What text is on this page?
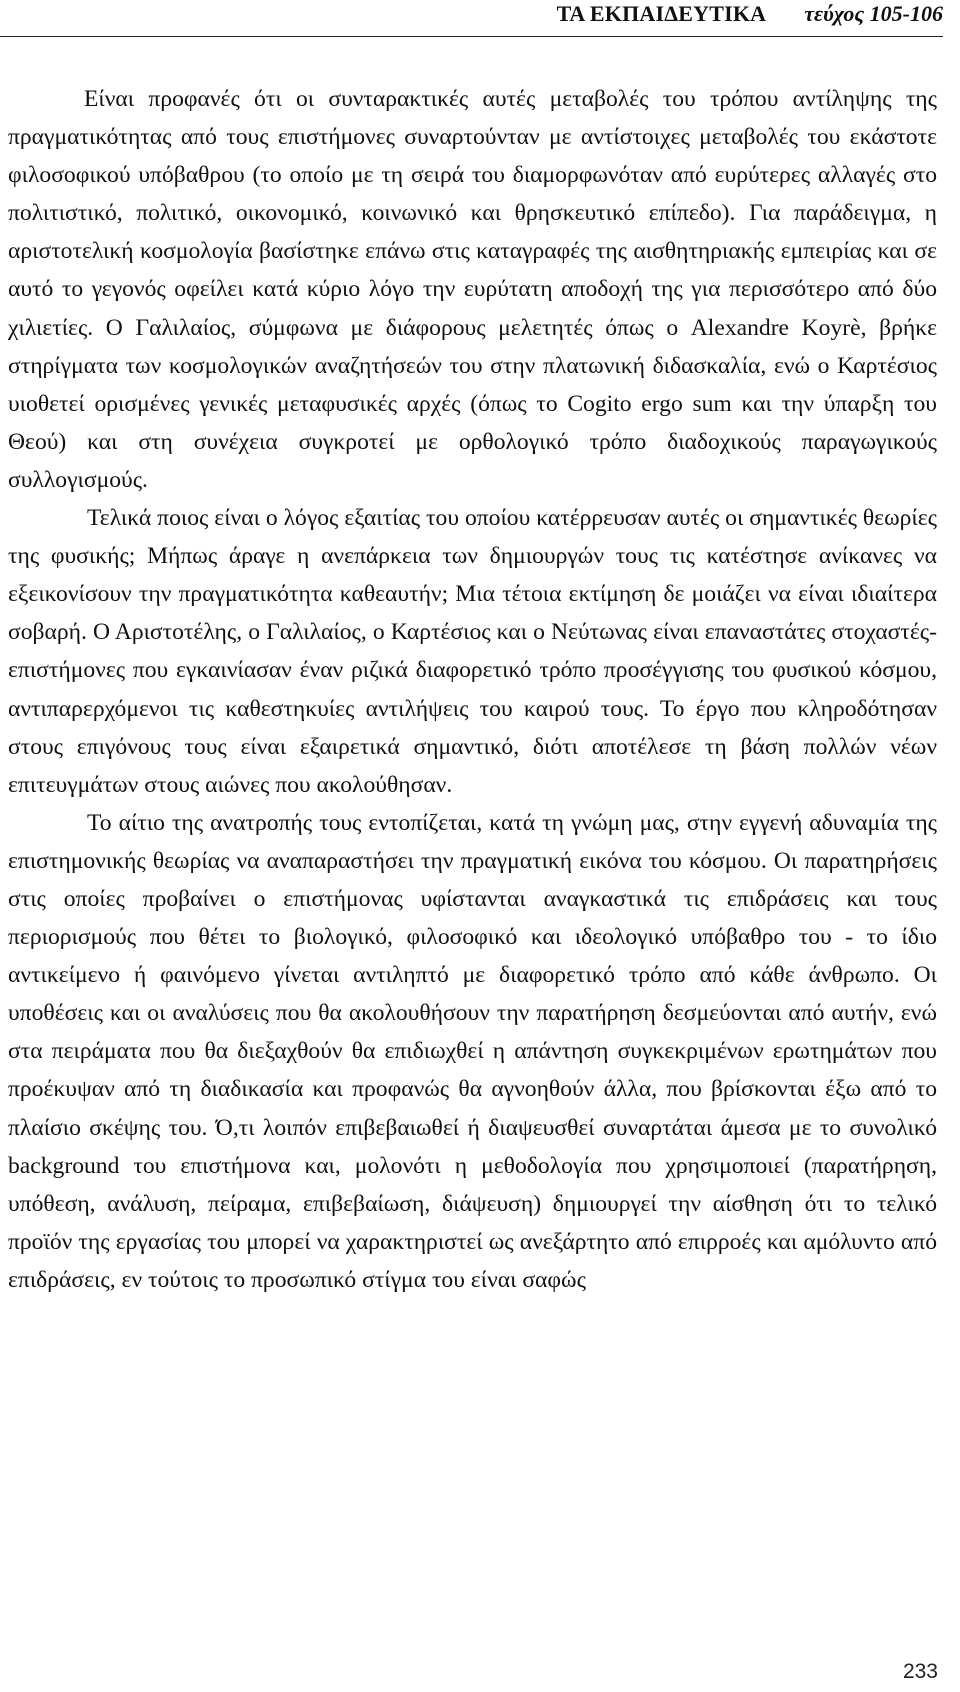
ΤΑ ΕΚΠΑΙΔΕΥΤΙΚΑ τεύχος 105-106

Είναι προφανές ότι οι συνταρακτικές αυτές μεταβολές του τρόπου αντίληψης της πραγματικότητας από τους επιστήμονες συναρτούνταν με αντίστοιχες μεταβολές του εκάστοτε φιλοσοφικού υπόβαθρου (το οποίο με τη σειρά του διαμορφωνόταν από ευρύτερες αλλαγές στο πολιτιστικό, πολιτικό, οικονομικό, κοινωνικό και θρησκευτικό επίπεδο). Για παράδειγμα, η αριστοτελική κοσμολογία βασίστηκε επάνω στις καταγραφές της αισθητηριακής εμπειρίας και σε αυτό το γεγονός οφείλει κατά κύριο λόγο την ευρύτατη αποδοχή της για περισσότερο από δύο χιλιετίες. Ο Γαλιλαίος, σύμφωνα με διάφορους μελετητές όπως ο Alexandre Koyrè, βρήκε στηρίγματα των κοσμολογικών αναζητήσεών του στην πλατωνική διδασκαλία, ενώ ο Καρτέσιος υιοθετεί ορισμένες γενικές μεταφυσικές αρχές (όπως το Cogito ergo sum και την ύπαρξη του Θεού) και στη συνέχεια συγκροτεί με ορθολογικό τρόπο διαδοχικούς παραγωγικούς συλλογισμούς.

Τελικά ποιος είναι ο λόγος εξαιτίας του οποίου κατέρρευσαν αυτές οι σημαντικές θεωρίες της φυσικής; Μήπως άραγε η ανεπάρκεια των δημιουργών τους τις κατέστησε ανίκανες να εξεικονίσουν την πραγματικότητα καθεαυτήν; Μια τέτοια εκτίμηση δε μοιάζει να είναι ιδιαίτερα σοβαρή. Ο Αριστοτέλης, ο Γαλιλαίος, ο Καρτέσιος και ο Νεύτωνας είναι επαναστάτες στοχαστές-επιστήμονες που εγκαινίασαν έναν ριζικά διαφορετικό τρόπο προσέγγισης του φυσικού κόσμου, αντιπαρερχόμενοι τις καθεστηκυίες αντιλήψεις του καιρού τους. Το έργο που κληροδότησαν στους επιγόνους τους είναι εξαιρετικά σημαντικό, διότι αποτέλεσε τη βάση πολλών νέων επιτευγμάτων στους αιώνες που ακολούθησαν.

Το αίτιο της ανατροπής τους εντοπίζεται, κατά τη γνώμη μας, στην εγγενή αδυναμία της επιστημονικής θεωρίας να αναπαραστήσει την πραγματική εικόνα του κόσμου. Οι παρατηρήσεις στις οποίες προβαίνει ο επιστήμονας υφίστανται αναγκαστικά τις επιδράσεις και τους περιορισμούς που θέτει το βιολογικό, φιλοσοφικό και ιδεολογικό υπόβαθρο του - το ίδιο αντικείμενο ή φαινόμενο γίνεται αντιληπτό με διαφορετικό τρόπο από κάθε άνθρωπο. Οι υποθέσεις και οι αναλύσεις που θα ακολουθήσουν την παρατήρηση δεσμεύονται από αυτήν, ενώ στα πειράματα που θα διεξαχθούν θα επιδιωχθεί η απάντηση συγκεκριμένων ερωτημάτων που προέκυψαν από τη διαδικασία και προφανώς θα αγνοηθούν άλλα, που βρίσκονται έξω από το πλαίσιο σκέψης του. Ό,τι λοιπόν επιβεβαιωθεί ή διαψευσθεί συναρτάται άμεσα με το συνολικό background του επιστήμονα και, μολονότι η μεθοδολογία που χρησιμοποιεί (παρατήρηση, υπόθεση, ανάλυση, πείραμα, επιβεβαίωση, διάψευση) δημιουργεί την αίσθηση ότι το τελικό προϊόν της εργασίας του μπορεί να χαρακτηριστεί ως ανεξάρτητο από επιρροές και αμόλυντο από επιδράσεις, εν τούτοις το προσωπικό στίγμα του είναι σαφώς

233
